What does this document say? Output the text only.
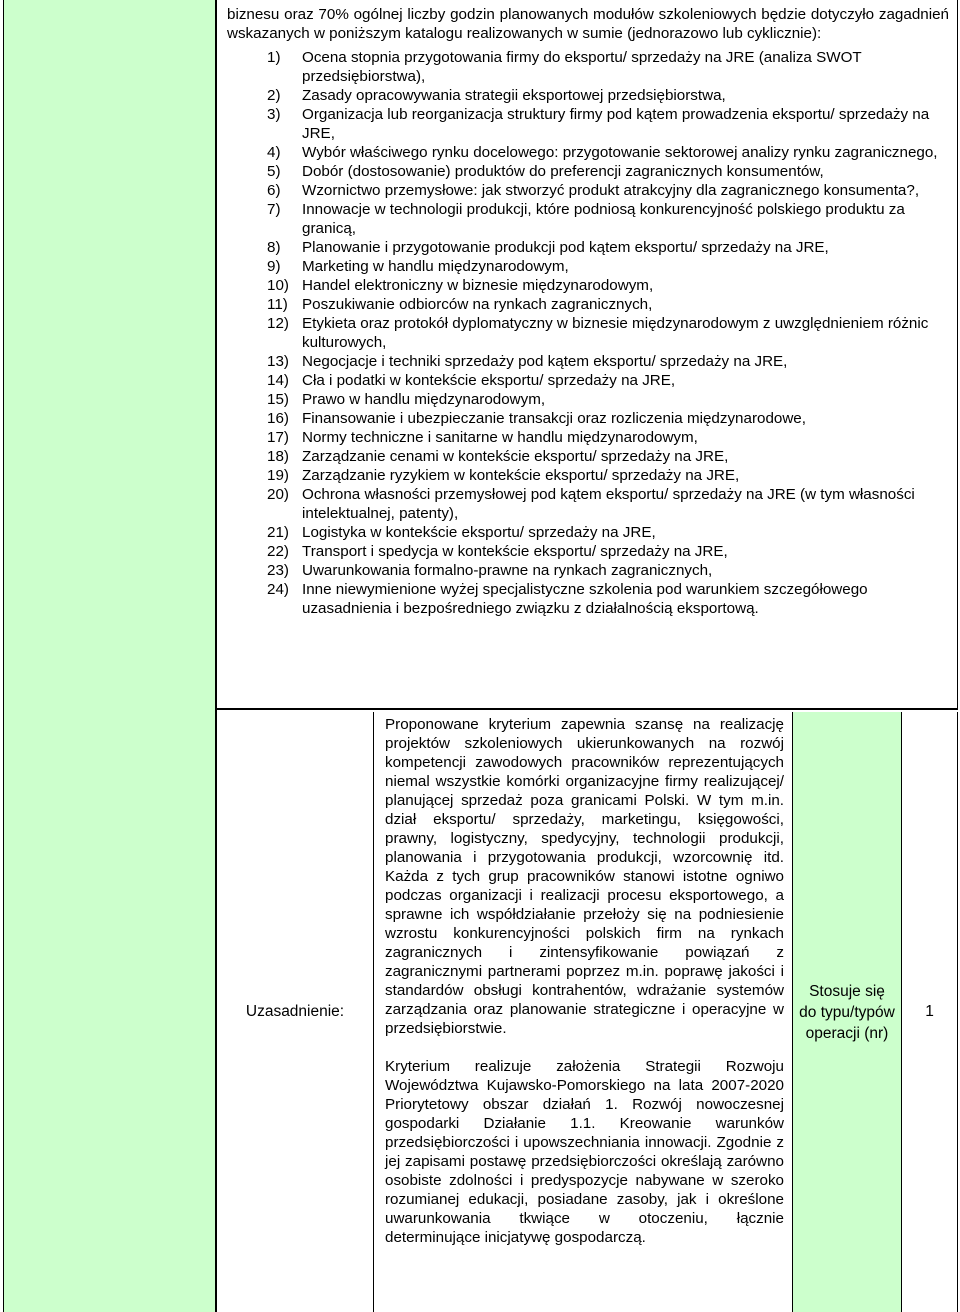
biznesu oraz 70% ogólnej liczby godzin planowanych modułów szkoleniowych będzie dotyczyło zagadnień wskazanych w poniższym katalogu realizowanych w sumie (jednorazowo lub cyklicznie):

1)	Ocena stopnia przygotowania firmy do eksportu/ sprzedaży na JRE (analiza SWOT przedsiębiorstwa),
2)	Zasady opracowywania strategii eksportowej przedsiębiorstwa,
3)	Organizacja lub reorganizacja struktury firmy pod kątem prowadzenia eksportu/ sprzedaży na JRE,
4)	Wybór właściwego rynku docelowego: przygotowanie sektorowej analizy rynku zagranicznego,
5)	Dobór (dostosowanie) produktów do preferencji zagranicznych konsumentów,
6)	Wzornictwo przemysłowe: jak stworzyć produkt atrakcyjny dla zagranicznego konsumenta?,
7)	Innowacje w technologii produkcji, które podniosą konkurencyjność polskiego produktu za granicą,
8)	Planowanie i przygotowanie produkcji pod kątem eksportu/ sprzedaży na JRE,
9)	Marketing w handlu międzynarodowym,
10) Handel elektroniczny w biznesie międzynarodowym,
11) Poszukiwanie odbiorców na rynkach zagranicznych,
12) Etykieta oraz protokół dyplomatyczny w biznesie międzynarodowym z uwzględnieniem różnic kulturowych,
13) Negocjacje i techniki sprzedaży pod kątem eksportu/ sprzedaży na JRE,
14) Cła i podatki w kontekście eksportu/ sprzedaży na JRE,
15) Prawo w handlu międzynarodowym,
16) Finansowanie i ubezpieczanie transakcji oraz rozliczenia międzynarodowe,
17) Normy techniczne i sanitarne w handlu międzynarodowym,
18) Zarządzanie cenami w kontekście eksportu/ sprzedaży na JRE,
19) Zarządzanie ryzykiem w kontekście eksportu/ sprzedaży na JRE,
20) Ochrona własności przemysłowej pod kątem eksportu/ sprzedaży na JRE (w tym własności intelektualnej, patenty),
21) Logistyka w kontekście eksportu/ sprzedaży na JRE,
22) Transport i spedycja w kontekście eksportu/ sprzedaży na JRE,
23) Uwarunkowania formalno-prawne na rynkach zagranicznych,
24) Inne niewymienione wyżej specjalistyczne szkolenia pod warunkiem szczegółowego uzasadnienia i bezpośredniego związku z działalnością eksportową.
Uzasadnienie:

Proponowane kryterium zapewnia szansę na realizację projektów szkoleniowych ukierunkowanych na rozwój kompetencji zawodowych pracowników reprezentujących niemal wszystkie komórki organizacyjne firmy realizującej/ planującej sprzedaż poza granicami Polski. W tym m.in. dział eksportu/ sprzedaży, marketingu, księgowości, prawny, logistyczny, spedycyjny, technologii produkcji, planowania i przygotowania produkcji, wzorcownię itd. Każda z tych grup pracowników stanowi istotne ogniwo podczas organizacji i realizacji procesu eksportowego, a sprawne ich współdziałanie przełoży się na podniesienie wzrostu konkurencyjności polskich firm na rynkach zagranicznych i zintensyfikowanie powiązań z zagranicznymi partnerami poprzez m.in. poprawę jakości i standardów obsługi kontrahentów, wdrażanie systemów zarządzania oraz planowanie strategiczne i operacyjne w przedsiębiorstwie.

Kryterium realizuje założenia Strategii Rozwoju Województwa Kujawsko-Pomorskiego na lata 2007-2020 Priorytetowy obszar działań 1. Rozwój nowoczesnej gospodarki Działanie 1.1. Kreowanie warunków przedsiębiorczości i upowszechniania innowacji. Zgodnie z jej zapisami postawę przedsiębiorczości określają zarówno osobiste zdolności i predyspozycje nabywane w szeroko rozumianej edukacji, posiadane zasoby, jak i określone uwarunkowania tkwiące w otoczeniu, łącznie determinujące inicjatywę gospodarczą.

Stosuje się do typu/typów operacji (nr)
1
